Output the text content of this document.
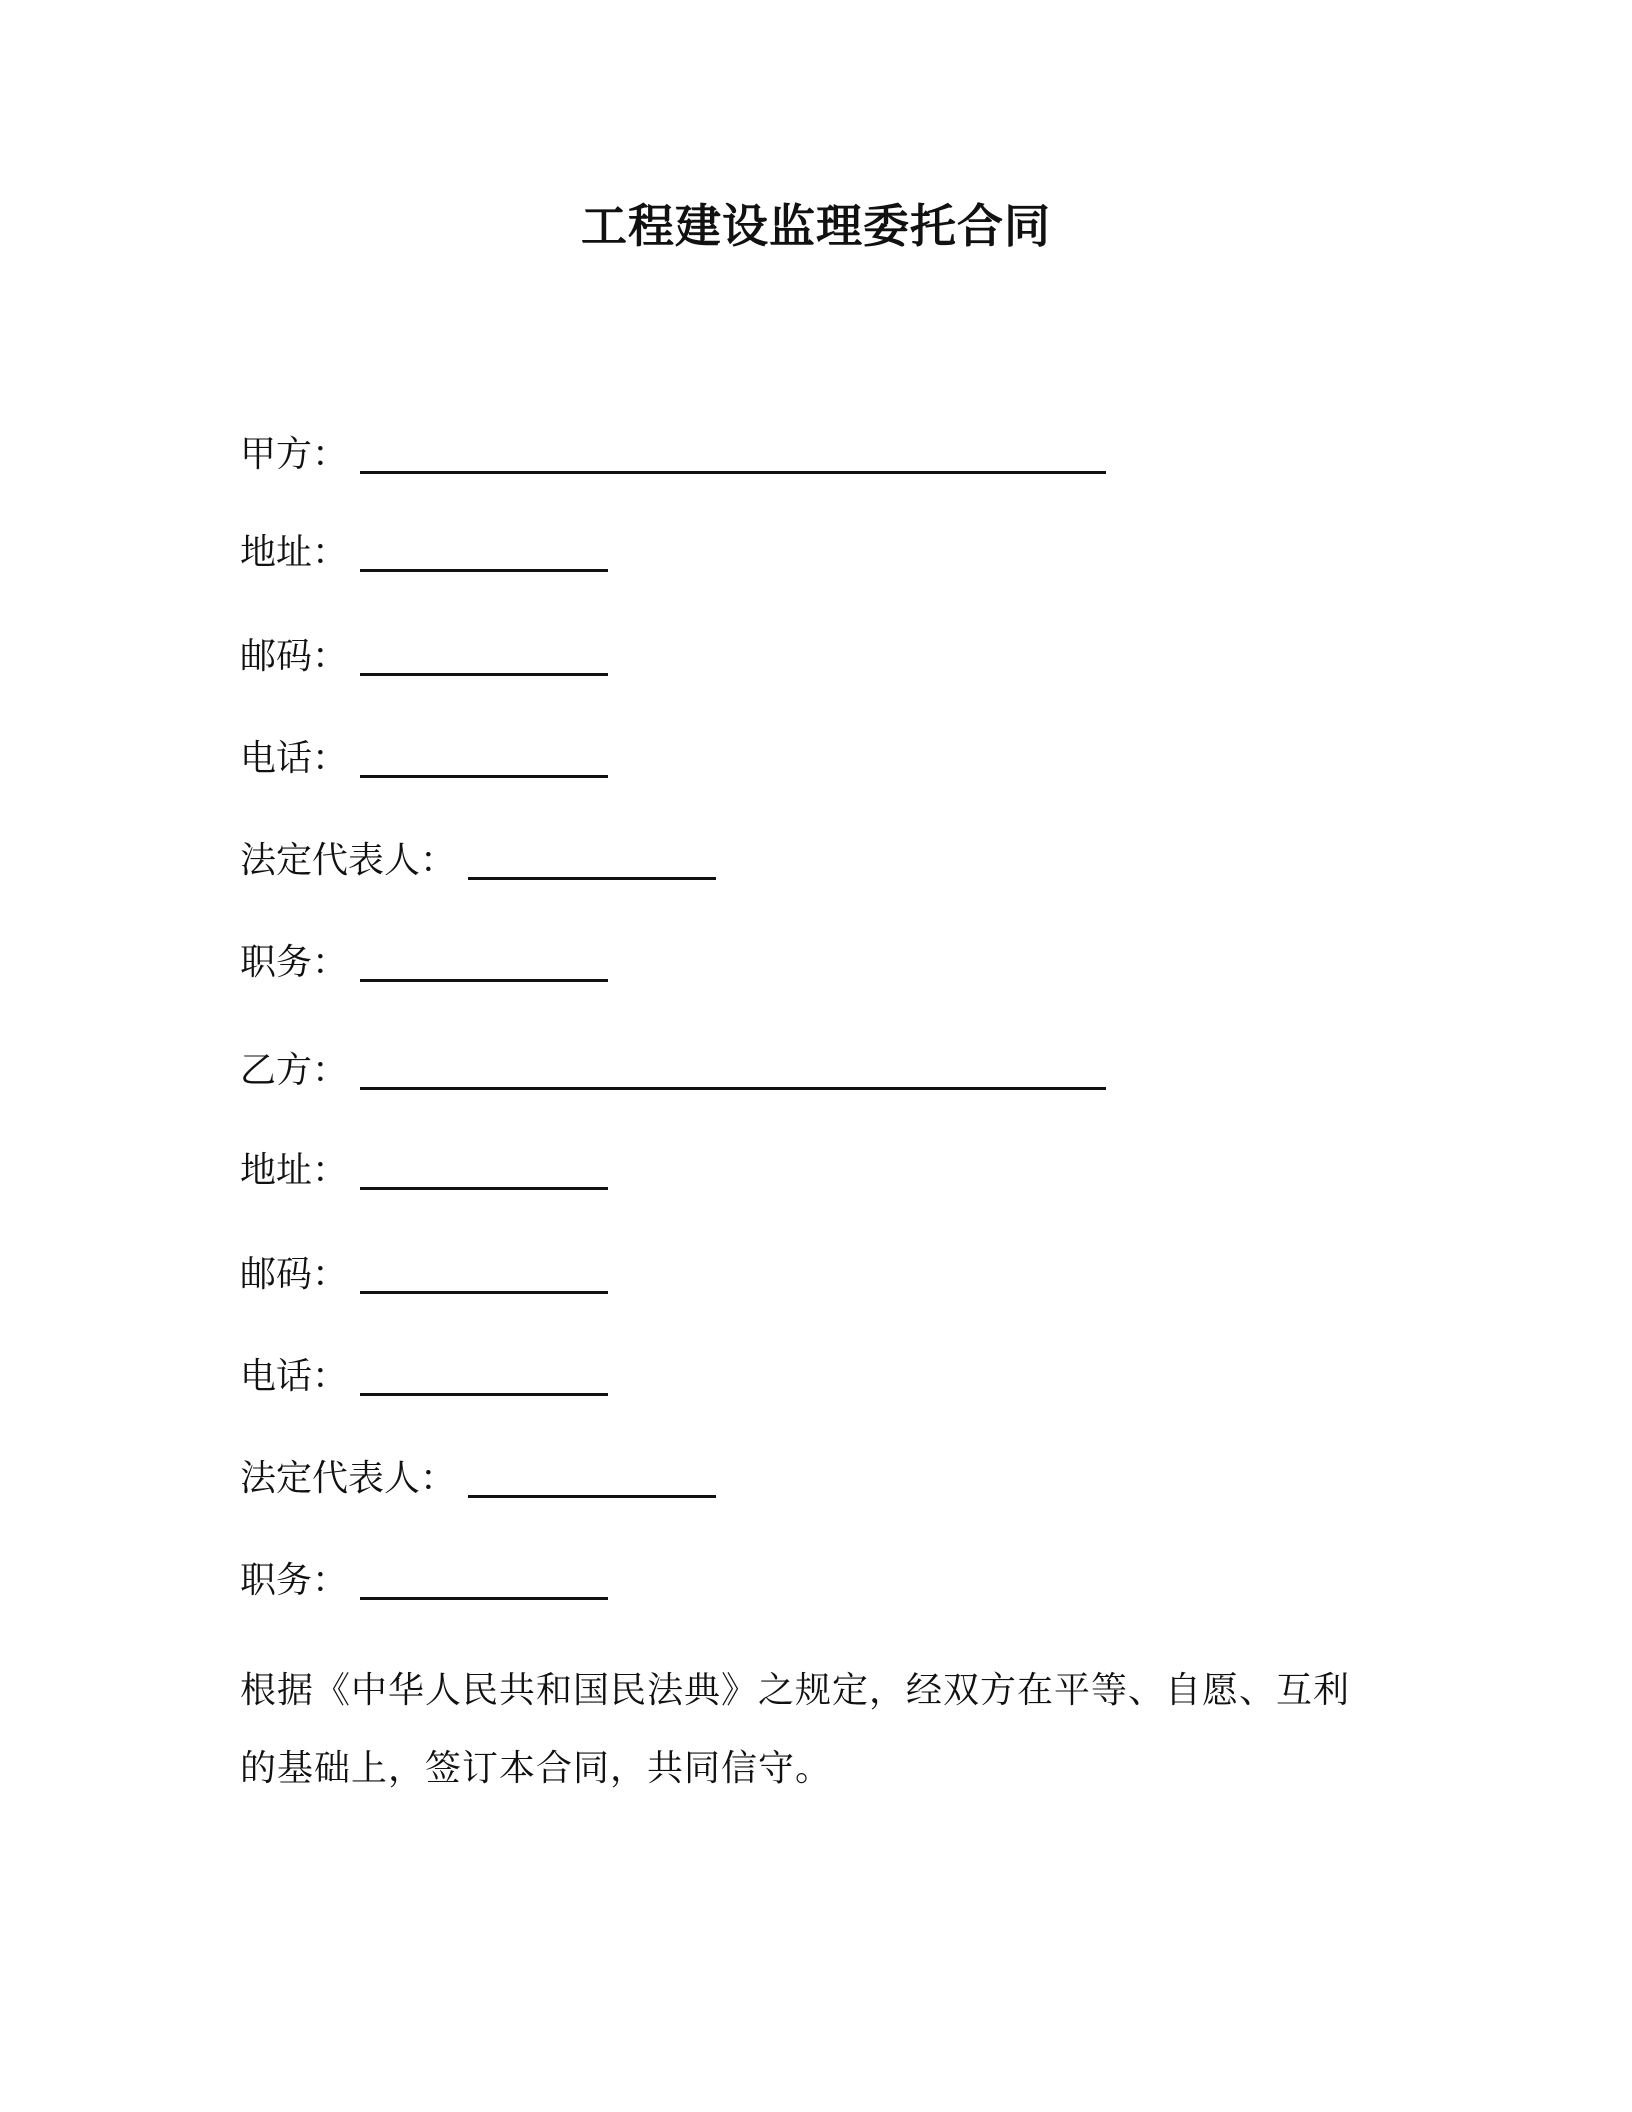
工程建设监理委托合同
甲方：
地址：
邮码：
电话：
法定代表人：
职务：
乙方：
地址：
邮码：
电话：
法定代表人：
职务：
根据《中华人民共和国民法典》之规定，经双方在平等、自愿、互利的基础上，签订本合同，共同信守。
